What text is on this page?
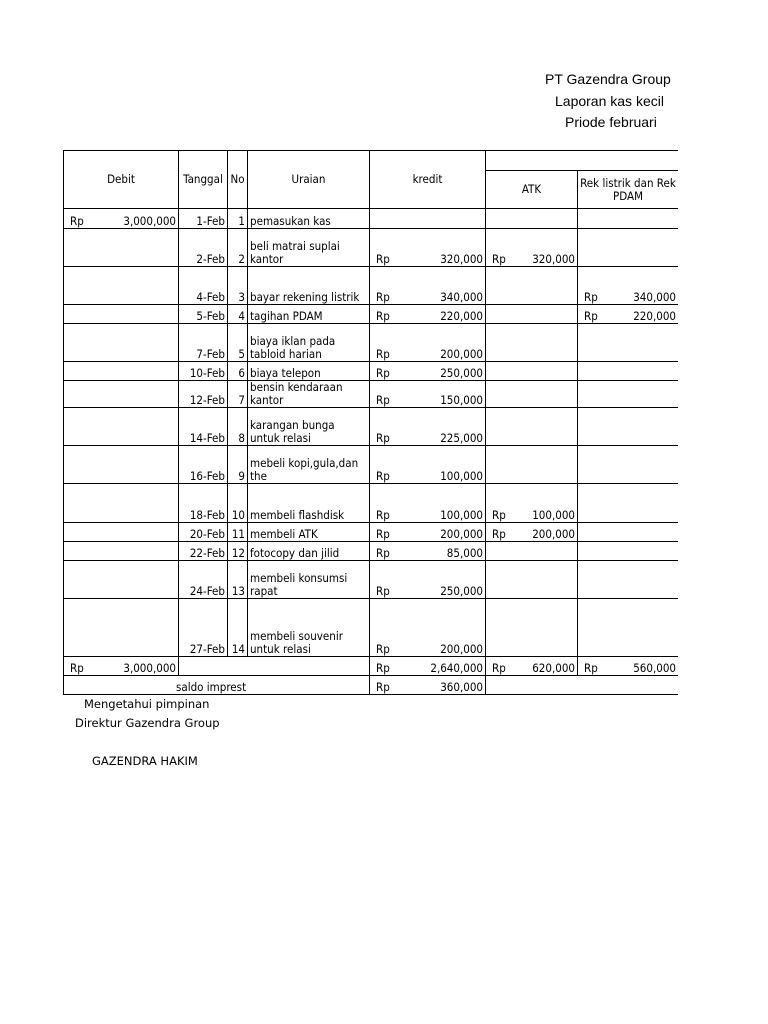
PT Gazendra Group
Laporan kas kecil
Priode februari
Debit	Tanggal	No	Uraian	kredit			
					ATK	Rek listrik dan Rek PDAM	

Rp 3,000,000	1-Feb	1	pemasukan kas				
	2-Feb	2	beli matrai suplai kantor	Rp 320,000	Rp 320,000		

	4-Feb	3	bayar rekening listrik	Rp 340,000		Rp 340,000	

	5-Feb	4	tagihan PDAM	Rp 220,000		Rp 220,000	

	7-Feb	5	biaya iklan pada tabloid harian	Rp 200,000			

	10-Feb	6	biaya telepon	Rp 250,000			

	12-Feb	7	bensin kendaraan kantor	Rp 150,000			

	14-Feb	8	karangan bunga untuk relasi	Rp 225,000			

	16-Feb	9	mebeli kopi,gula,dan the	Rp 100,000			

	18-Feb	10	membeli flashdisk	Rp 100,000	Rp 100,000		

	20-Feb	11	membeli ATK	Rp 200,000	Rp 200,000		

	22-Feb	12	fotocopy dan jilid	Rp 85,000			

	24-Feb	13	membeli konsumsi rapat	Rp 250,000			

	27-Feb	14	membeli souvenir untuk relasi	Rp 200,000			

Rp 3,000,000				Rp 2,640,000	Rp 620,000	Rp 560,000	

saldo imprest				Rp 360,000			

Mengetahui pimpinan
Direktur Gazendra Group
GAZENDRA HAKIM
